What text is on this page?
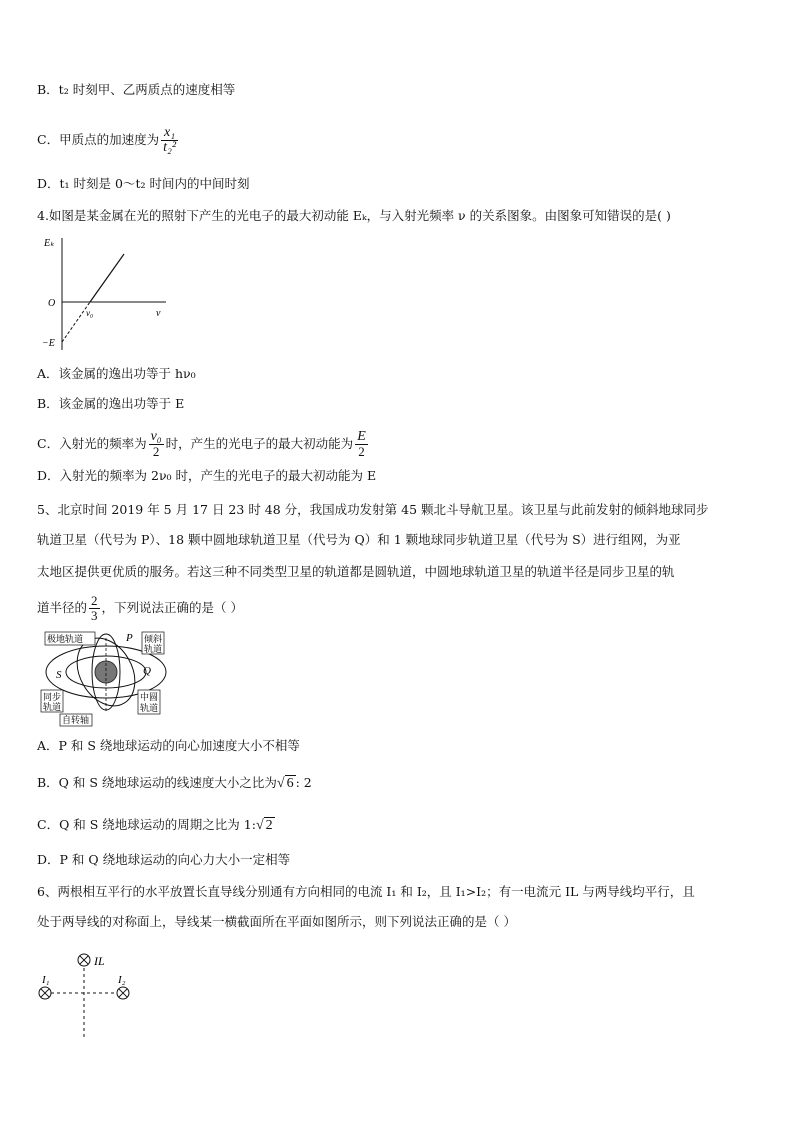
B．t₂ 时刻甲、乙两质点的速度相等
C．甲质点的加速度为 $\frac{\text{x₁}}{\text{t₂²}}$
D．t₁ 时刻是 0～t₂ 时间内的中间时刻
4.如图是某金属在光的照射下产生的光电子的最大初动能 Eₖ，与入射光频率 ν 的关系图象。由图象可知错误的是( )
Eₖ
O
ν
ν₀
−E
A．该金属的逸出功等于 hν₀
B．该金属的逸出功等于 E
C．入射光的频率为 $\frac{\text{ν₀}}{2}$ 时，产生的光电子的最大初动能为 $\frac{E}{2}$
D．入射光的频率为 2ν₀ 时，产生的光电子的最大初动能为 E
5、北京时间 2019 年 5 月 17 日 23 时 48 分，我国成功发射第 45 颗北斗导航卫星。该卫星与此前发射的倾斜地球同步
轨道卫星（代号为 P）、18 颗中圆地球轨道卫星（代号为 Q）和 1 颗地球同步轨道卫星（代号为 S）进行组网，为亚
太地区提供更优质的服务。若这三种不同类型卫星的轨道都是圆轨道，中圆地球轨道卫星的轨道半径是同步卫星的轨
道半径的 $\frac{2}{3}$ ，下列说法正确的是（ ）
极地轨道	P 倾斜
轨道
S	Q
同步
轨道
中圆
轨道
自转轴
A．P 和 S 绕地球运动的向心加速度大小不相等
B．Q 和 S 绕地球运动的线速度大小之比为√ 6 : 2
C．Q 和 S 绕地球运动的周期之比为 1:√ 2
D．P 和 Q 绕地球运动的向心力大小一定相等
6、两根相互平行的水平放置长直导线分别通有方向相同的电流 I₁ 和 I₂，且 I₁>I₂；有一电流元 IL 与两导线均平行，且
处于两导线的对称面上，导线某一横截面所在平面如图所示，则下列说法正确的是（ ）
IL
I₁	I₂
